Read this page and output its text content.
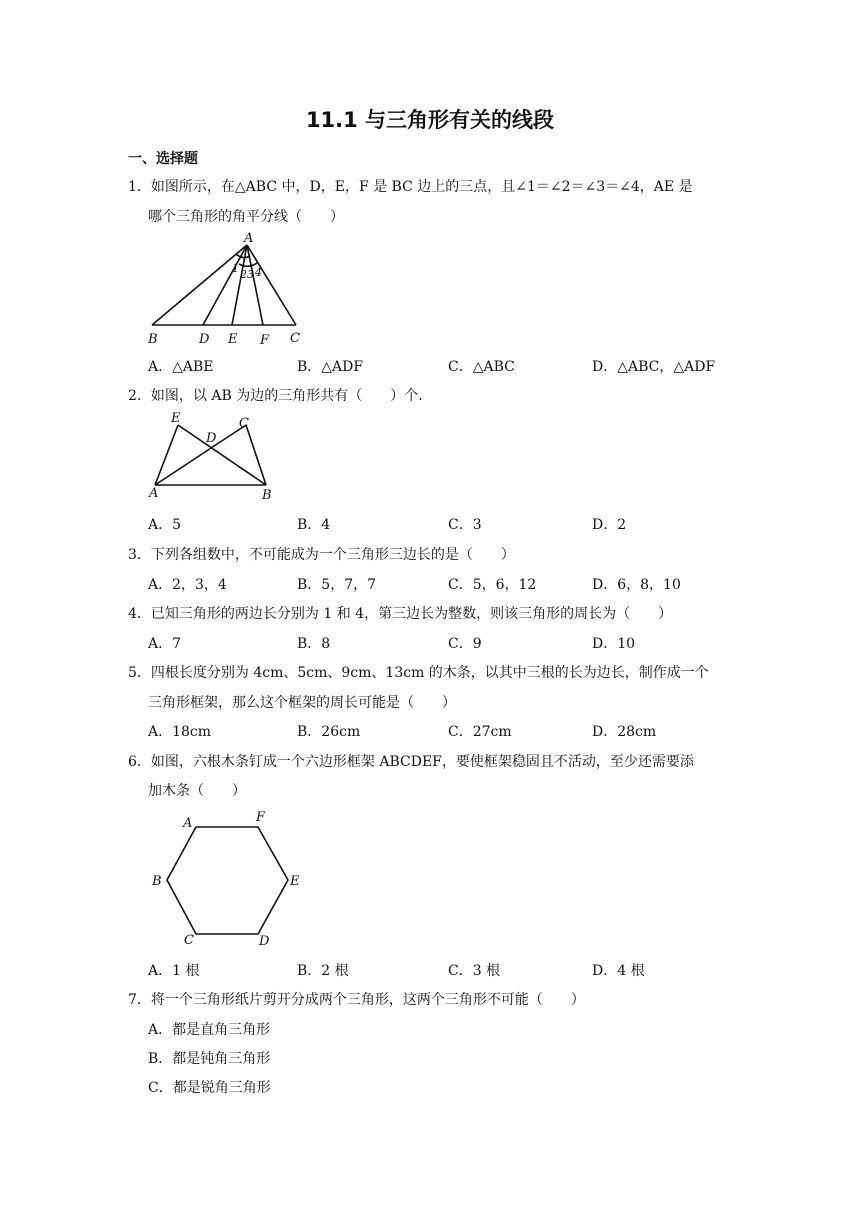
11.1 与三角形有关的线段
一、选择题
1．如图所示，在△ABC 中，D，E，F 是 BC 边上的三点，且∠1＝∠2＝∠3＝∠4，AE 是
哪个三角形的角平分线（　　）
A
B	D E F C
1 2 3 4
A．△ABE	B．△ADF	C．△ABC	D．△ABC，△ADF
2．如图，以 AB 为边的三角形共有（　　）个.
E
D
C
A	B
A．5	B．4	C．3	D．2
3．下列各组数中，不可能成为一个三角形三边长的是（　　）
A．2，3，4	B．5，7，7	C．5，6，12	D．6，8，10
4．已知三角形的两边长分别为 1 和 4，第三边长为整数，则该三角形的周长为（　　）
A．7	B．8	C．9	D．10
5．四根长度分别为 4cm、5cm、9cm、13cm 的木条，以其中三根的长为边长，制作成一个
三角形框架，那么这个框架的周长可能是（　　）
A．18cm	B．26cm	C．27cm	D．28cm
6．如图，六根木条钉成一个六边形框架 ABCDEF，要使框架稳固且不活动，至少还需要添
加木条（　　）
A	F
B	E
C	D
A．1 根	B．2 根	C．3 根	D．4 根
7．将一个三角形纸片剪开分成两个三角形，这两个三角形不可能（　　）
A．都是直角三角形
B．都是钝角三角形
C．都是锐角三角形
